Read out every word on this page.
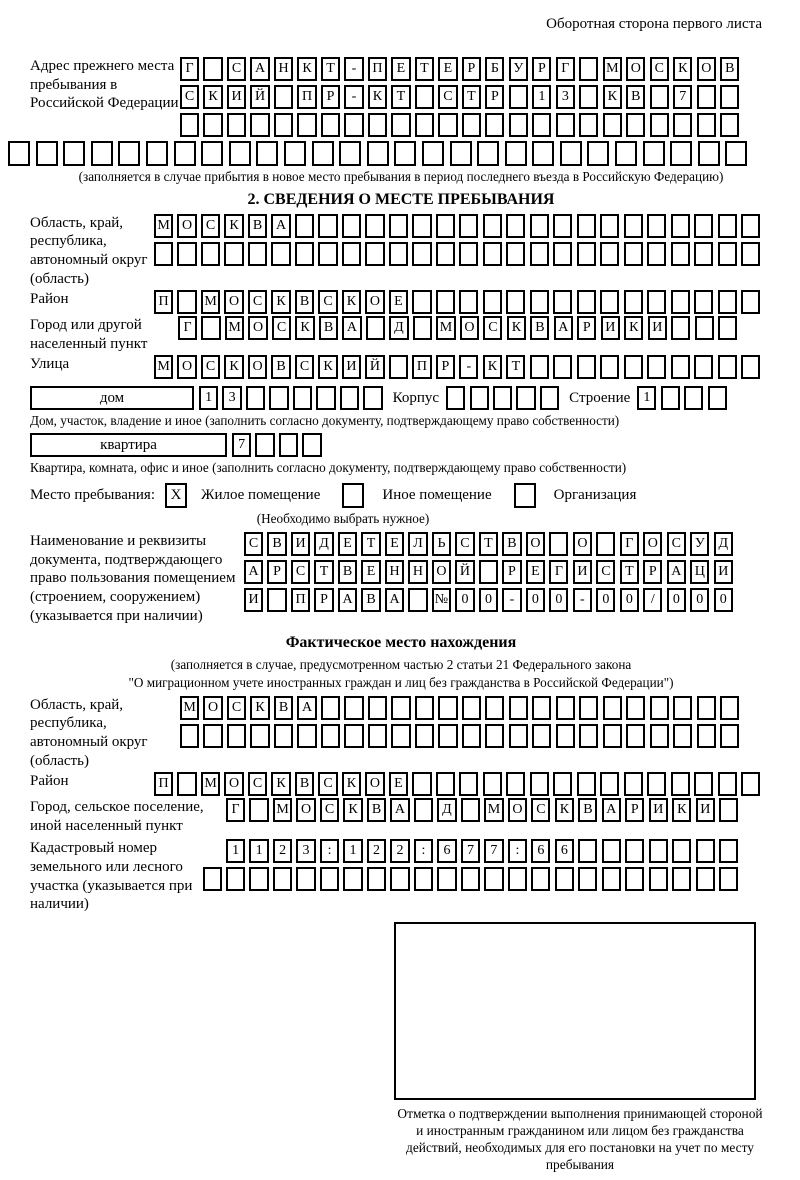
Оборотная сторона первого листа
Адрес прежнего места пребывания в Российской Федерации
Г	С А Н К	Т	-	П	Е	Т	Е	Р	Б	У	Р	Г	М О С	К О В
С	К И Й	П	Р	-	К	Т	С	Т	Р	1	3	К	В	7
(заполняется в случае прибытия в новое место пребывания в период последнего въезда в Российскую Федерацию)
2. СВЕДЕНИЯ О МЕСТЕ ПРЕБЫВАНИЯ
Область, край, республика, автономный округ (область)
М О С	К	В А
Район	П	М О С	К	В	С	К О	Е
Город или другой населенный пункт
Г	М О С	К	В А	Д	М О С	К	В А	Р	И К И
Улица	М О С	К О В	С	К И Й	П	Р	-	К	Т
дом	1	3	Корпус	Строение 1
Дом, участок, владение и иное (заполнить согласно документу, подтверждающему право собственности)
квартира	7
Квартира, комната, офис и иное (заполнить согласно документу, подтверждающему право собственности)
Место пребывания:	X	Жилое помещение	Иное помещение	Организация
(Необходимо выбрать нужное)
Наименование и реквизиты документа, подтверждающего право пользования помещением (строением, сооружением) (указывается при наличии)
С	В И Д	Е	Т	Е	Л	Ь	С	Т	В О	О	Г	О С У Д
А	Р	С	Т	В	Е	Н Н О Й	Р	Е	Г	И С	Т	Р	А Ц И
И	П	Р	А В А	№ 0	0	-	0	0	-	0	0	/	0	0	0
Фактическое место нахождения
(заполняется в случае, предусмотренном частью 2 статьи 21 Федерального закона
"О миграционном учете иностранных граждан и лиц без гражданства в Российской Федерации")
Область, край, республика, автономный округ (область)
М О С	К	В А
Район	П	М О С	К	В	С	К О	Е
Город, сельское поселение, иной населенный пункт
Г	М О С	К	В А	Д	М О С	К	В А	Р	И К И
Кадастровый номер земельного или лесного участка (указывается при наличии)
1	1	2	3	:	1	2	2	:	6	7	7	:	6	6
Отметка о подтверждении выполнения принимающей стороной и иностранным гражданином или лицом без гражданства действий, необходимых для его постановки на учет по месту пребывания
